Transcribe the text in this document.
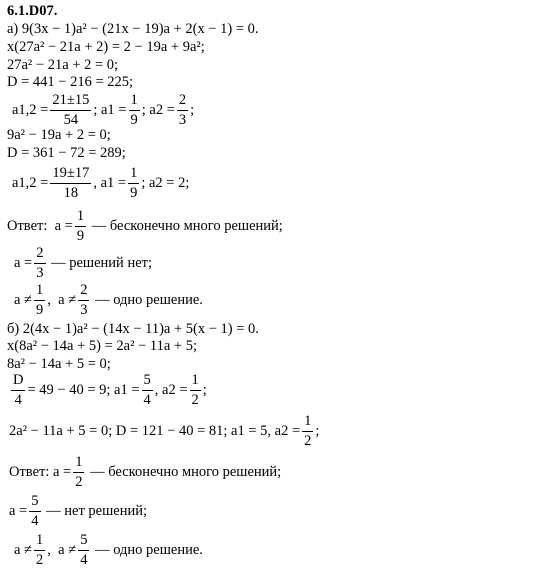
6.1.D07.
а) 9(3x − 1)a² − (21x − 19)a + 2(x − 1) = 0.
x(27a² − 21a + 2) = 2 − 19a + 9a²;
27a² − 21a + 2 = 0;
D = 441 − 216 = 225;
$a1,2 = \frac{21\pm 15}{54}$ ; $a1 = \frac{1}{9}$ ; $a2 = \frac{2}{3}$ ;
9a² − 19a + 2 = 0;
D = 361 − 72 = 289;
$a1,2 = \frac{19\pm 17}{18}$ , $a1 = \frac{1}{9}$ ; a2 = 2;
Ответ:  $a = \frac{1}{9}$ — бесконечно много решений;
$a = \frac{2}{3}$ — решений нет;
$a \ne \frac{1}{9}$ ,  $a \ne \frac{2}{3}$ — одно решение.
б) 2(4x − 1)a² − (14x − 11)a + 5(x − 1) = 0.
x(8a² − 14a + 5) = 2a² − 11a + 5;
8a² − 14a + 5 = 0;
$\frac{D}{4} = 49 - 40 = 9$; $a1 = \frac{5}{4}$ , $a2 = \frac{1}{2}$ ;
2a² − 11a + 5 = 0; D = 121 − 40 = 81; a1 = 5, $a2 = \frac{1}{2}$ ;
Ответ: $a = \frac{1}{2}$ — бесконечно много решений;
$a = \frac{5}{4}$ — нет решений;
$a \ne \frac{1}{2}$ ,  $a \ne \frac{5}{4}$ — одно решение.
